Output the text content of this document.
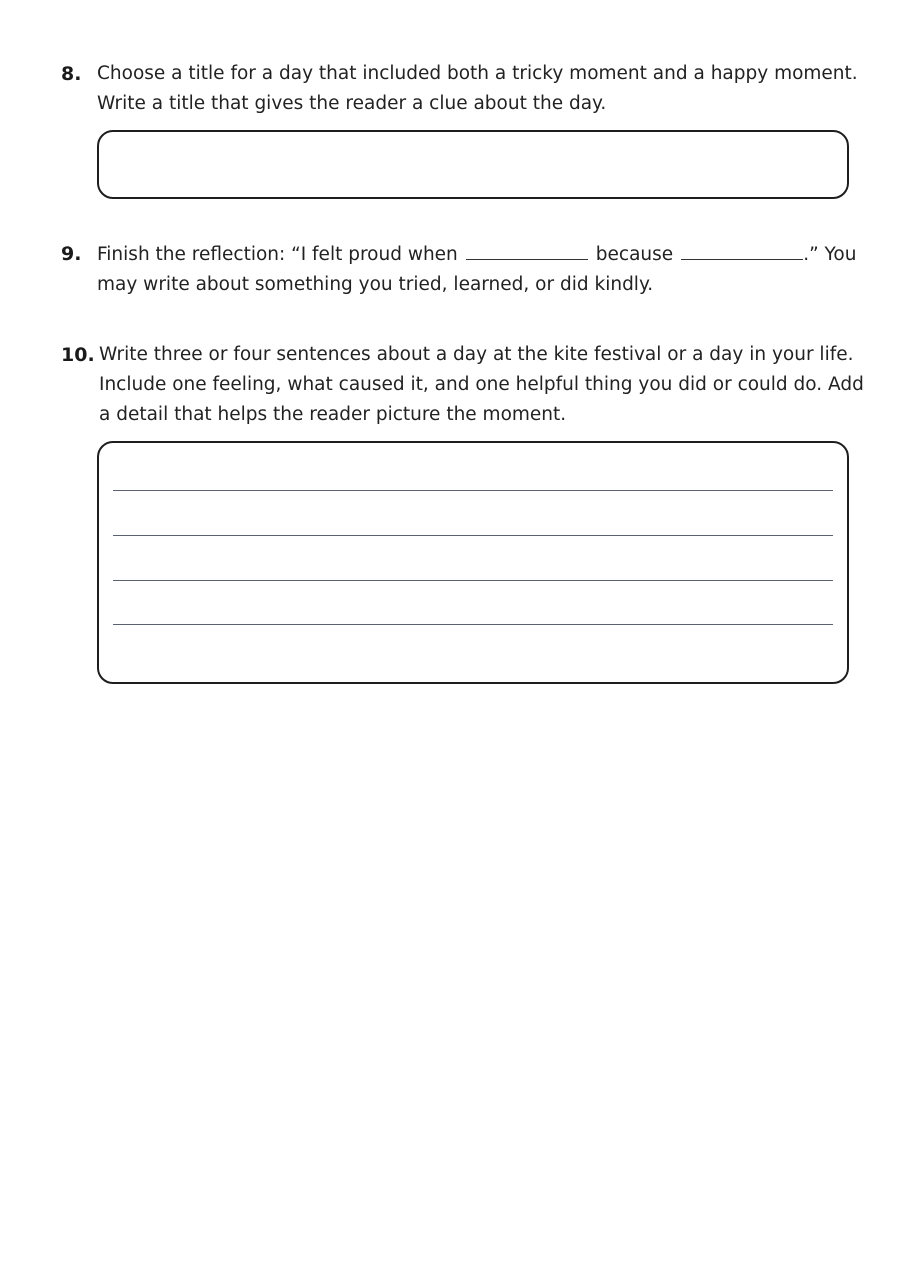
8. Choose a title for a day that included both a tricky moment and a happy moment.
Write a title that gives the reader a clue about the day.
9. Finish the reflection: “I felt proud when	because	.” You
may write about something you tried, learned, or did kindly.
10. Write three or four sentences about a day at the kite festival or a day in your life.
Include one feeling, what caused it, and one helpful thing you did or could do. Add
a detail that helps the reader picture the moment.
